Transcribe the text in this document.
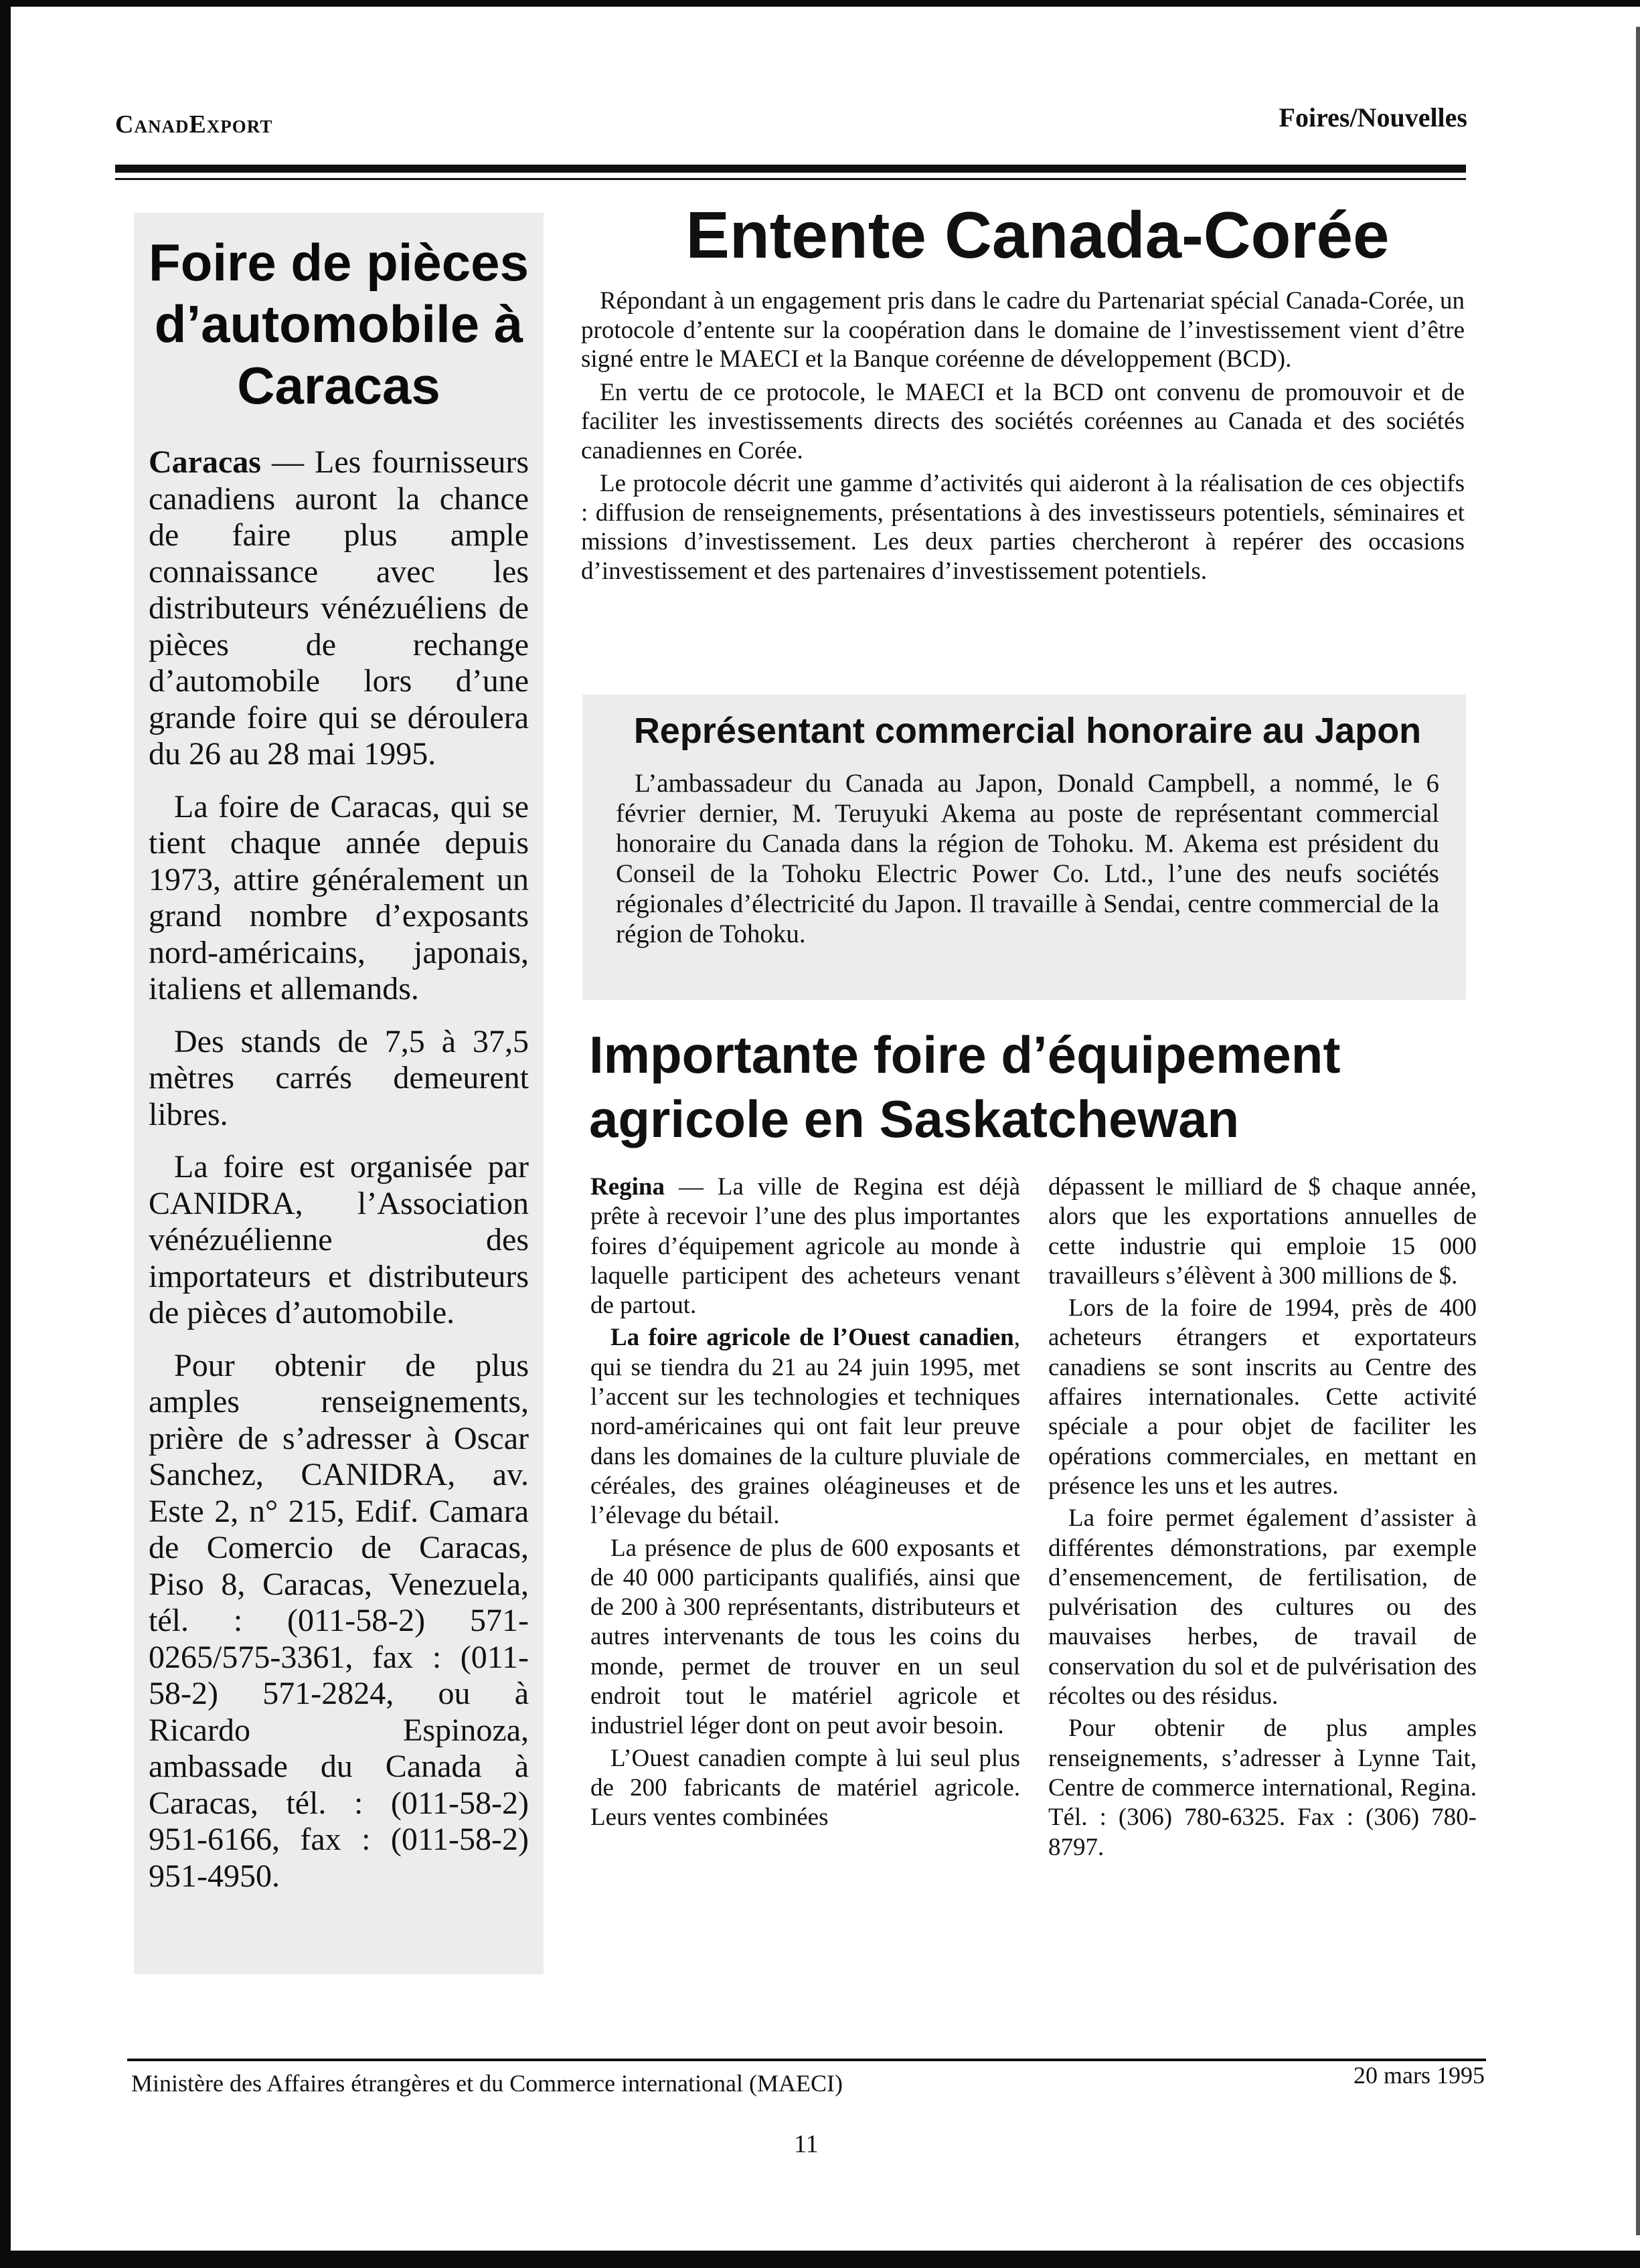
CanadExport	Foires/Nouvelles
Foire de pièces d’automobile à Caracas

Caracas — Les fournisseurs canadiens auront la chance de faire plus ample connaissance avec les distributeurs vénézuéliens de pièces de rechange d’automobile lors d’une grande foire qui se déroulera du 26 au 28 mai 1995.

La foire de Caracas, qui se tient chaque année depuis 1973, attire généralement un grand nombre d’exposants nord-américains, japonais, italiens et allemands.

Des stands de 7,5 à 37,5 mètres carrés demeurent libres.

La foire est organisée par CANIDRA, l’Association vénézuélienne des importateurs et distributeurs de pièces d’automobile.

Pour obtenir de plus amples renseignements, prière de s’adresser à Oscar Sanchez, CANIDRA, av. Este 2, n° 215, Edif. Camara de Comercio de Caracas, Piso 8, Caracas, Venezuela, tél. : (011-58-2) 571-0265/575-3361, fax : (011-58-2) 571-2824, ou à Ricardo Espinoza, ambassade du Canada à Caracas, tél. : (011-58-2) 951-6166, fax : (011-58-2) 951-4950.

Entente Canada-Corée

Répondant à un engagement pris dans le cadre du Partenariat spécial Canada-Corée, un protocole d’entente sur la coopération dans le domaine de l’investissement vient d’être signé entre le MAECI et la Banque coréenne de développement (BCD).

En vertu de ce protocole, le MAECI et la BCD ont convenu de promouvoir et de faciliter les investissements directs des sociétés coréennes au Canada et des sociétés canadiennes en Corée.

Le protocole décrit une gamme d’activités qui aideront à la réalisation de ces objectifs : diffusion de renseignements, présentations à des investisseurs potentiels, séminaires et missions d’investissement. Les deux parties chercheront à repérer des occasions d’investissement et des partenaires d’investissement potentiels.

Représentant commercial honoraire au Japon

L’ambassadeur du Canada au Japon, Donald Campbell, a nommé, le 6 février dernier, M. Teruyuki Akema au poste de représentant commercial honoraire du Canada dans la région de Tohoku. M. Akema est président du Conseil de la Tohoku Electric Power Co. Ltd., l’une des neufs sociétés régionales d’électricité du Japon. Il travaille à Sendai, centre commercial de la région de Tohoku.

Importante foire d’équipement agricole en Saskatchewan

Regina — La ville de Regina est déjà prête à recevoir l’une des plus importantes foires d’équipement agricole au monde à laquelle participent des acheteurs venant de partout.

La foire agricole de l’Ouest canadien, qui se tiendra du 21 au 24 juin 1995, met l’accent sur les technologies et techniques nord-américaines qui ont fait leur preuve dans les domaines de la culture pluviale de céréales, des graines oléagineuses et de l’élevage du bétail.

La présence de plus de 600 exposants et de 40 000 participants qualifiés, ainsi que de 200 à 300 représentants, distributeurs et autres intervenants de tous les coins du monde, permet de trouver en un seul endroit tout le matériel agricole et industriel léger dont on peut avoir besoin.

L’Ouest canadien compte à lui seul plus de 200 fabricants de matériel agricole. Leurs ventes combinées

dépassent le milliard de $ chaque année, alors que les exportations annuelles de cette industrie qui emploie 15 000 travailleurs s’élèvent à 300 millions de $.

Lors de la foire de 1994, près de 400 acheteurs étrangers et exportateurs canadiens se sont inscrits au Centre des affaires internationales. Cette activité spéciale a pour objet de faciliter les opérations commerciales, en mettant en présence les uns et les autres.

La foire permet également d’assister à différentes démonstrations, par exemple d’ensemencement, de fertilisation, de pulvérisation des cultures ou des mauvaises herbes, de travail de conservation du sol et de pulvérisation des récoltes ou des résidus.

Pour obtenir de plus amples renseignements, s’adresser à Lynne Tait, Centre de commerce international, Regina. Tél. : (306) 780-6325. Fax : (306) 780-8797.

Ministère des Affaires étrangères et du Commerce international (MAECI)	20 mars 1995
11
